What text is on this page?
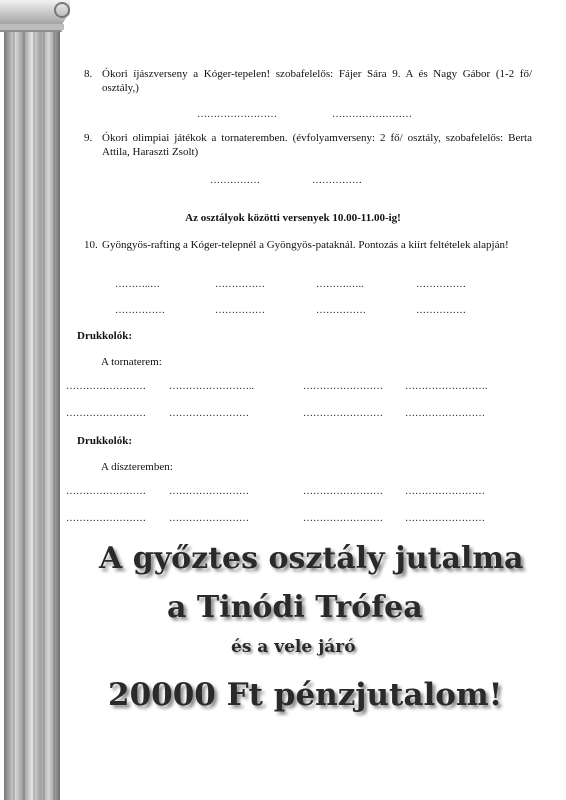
8. Ókori íjászverseny a Kóger-tepelen! szobafelelős: Fájer Sára 9. A és Nagy Gábor (1-2 fő/ osztály,)
……………………	……………………
9. Ókori olimpiai játékok a tornateremben. (évfolyamverseny: 2 fő/ osztály, szobafelelős: Berta Attila, Haraszti Zsolt)
……………	……………
Az osztályok közötti versenyek 10.00-11.00-ig!
10. Gyöngyös-rafting a Kóger-telepnél a Gyöngyös-pataknál. Pontozás a kiírt feltételek alapján!
………..…	……………	……….…..	……………
……………	……………	……………	……………
Drukkolók:
A tornaterem:
…………………… ……………………..	…………………… …………………….
…………………… ……………………	…………………… ……………………
Drukkolók:
A díszteremben:
…………………… ……………………	…………………… ……………………
…………………… ……………………	…………………… ……………………
A győztes osztály jutalma
a Tinódi Trófea
és a vele járó
20000 Ft pénzjutalom!
